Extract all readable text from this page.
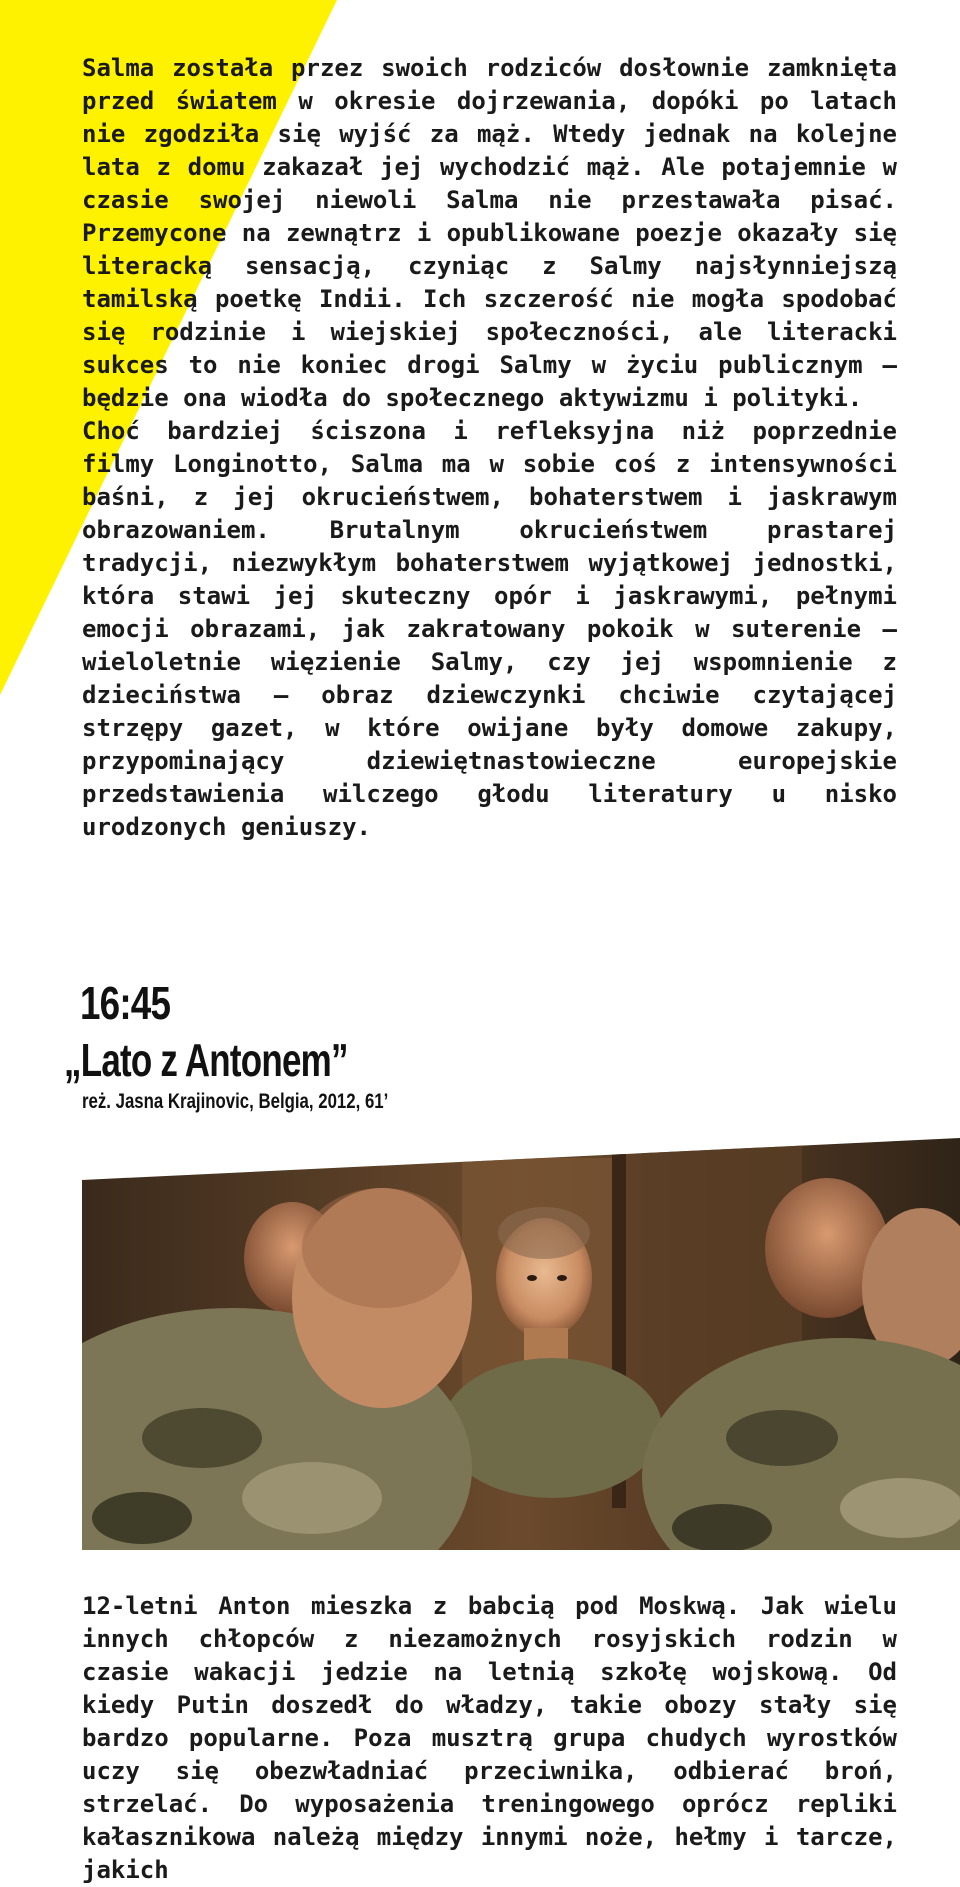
Salma została przez swoich rodziców dosłownie zamknięta przed światem w okresie dojrzewania, dopóki po latach nie zgodziła się wyjść za mąż. Wtedy jednak na kolejne lata z domu zakazał jej wychodzić mąż. Ale potajemnie w czasie swojej niewoli Salma nie przestawała pisać. Przemycone na zewnątrz i opublikowane poezje okazały się literacką sensacją, czyniąc z Salmy najsłynniejszą tamilską poetkę Indii. Ich szczerość nie mogła spodobać się rodzinie i wiejskiej społeczności, ale literacki sukces to nie koniec drogi Salmy w życiu publicznym – będzie ona wiodła do społecznego aktywizmu i polityki.

Choć bardziej ściszona i refleksyjna niż poprzednie filmy Longinotto, Salma ma w sobie coś z intensywności baśni, z jej okrucieństwem, bohaterstwem i jaskrawym obrazowaniem. Brutalnym okrucieństwem prastarej tradycji, niezwykłym bohaterstwem wyjątkowej jednostki, która stawi jej skuteczny opór i jaskrawymi, pełnymi emocji obrazami, jak zakratowany pokoik w suterenie – wieloletnie więzienie Salmy, czy jej wspomnienie z dzieciństwa – obraz dziewczynki chciwie czytającej strzępy gazet, w które owijane były domowe zakupy, przypominający dziewiętnastowieczne europejskie przedstawienia wilczego głodu literatury u nisko urodzonych geniuszy.

16:45
„Lato z Antonem”
reż. Jasna Krajinovic, Belgia, 2012, 61’

12-letni Anton mieszka z babcią pod Moskwą. Jak wielu innych chłopców z niezamożnych rosyjskich rodzin w czasie wakacji jedzie na letnią szkołę wojskową. Od kiedy Putin doszedł do władzy, takie obozy stały się bardzo popularne. Poza musztrą grupa chudych wyrostków uczy się obezwładniać przeciwnika, odbierać broń, strzelać. Do wyposażenia treningowego oprócz repliki kałasznikowa należą między innymi noże, hełmy i tarcze, jakich
